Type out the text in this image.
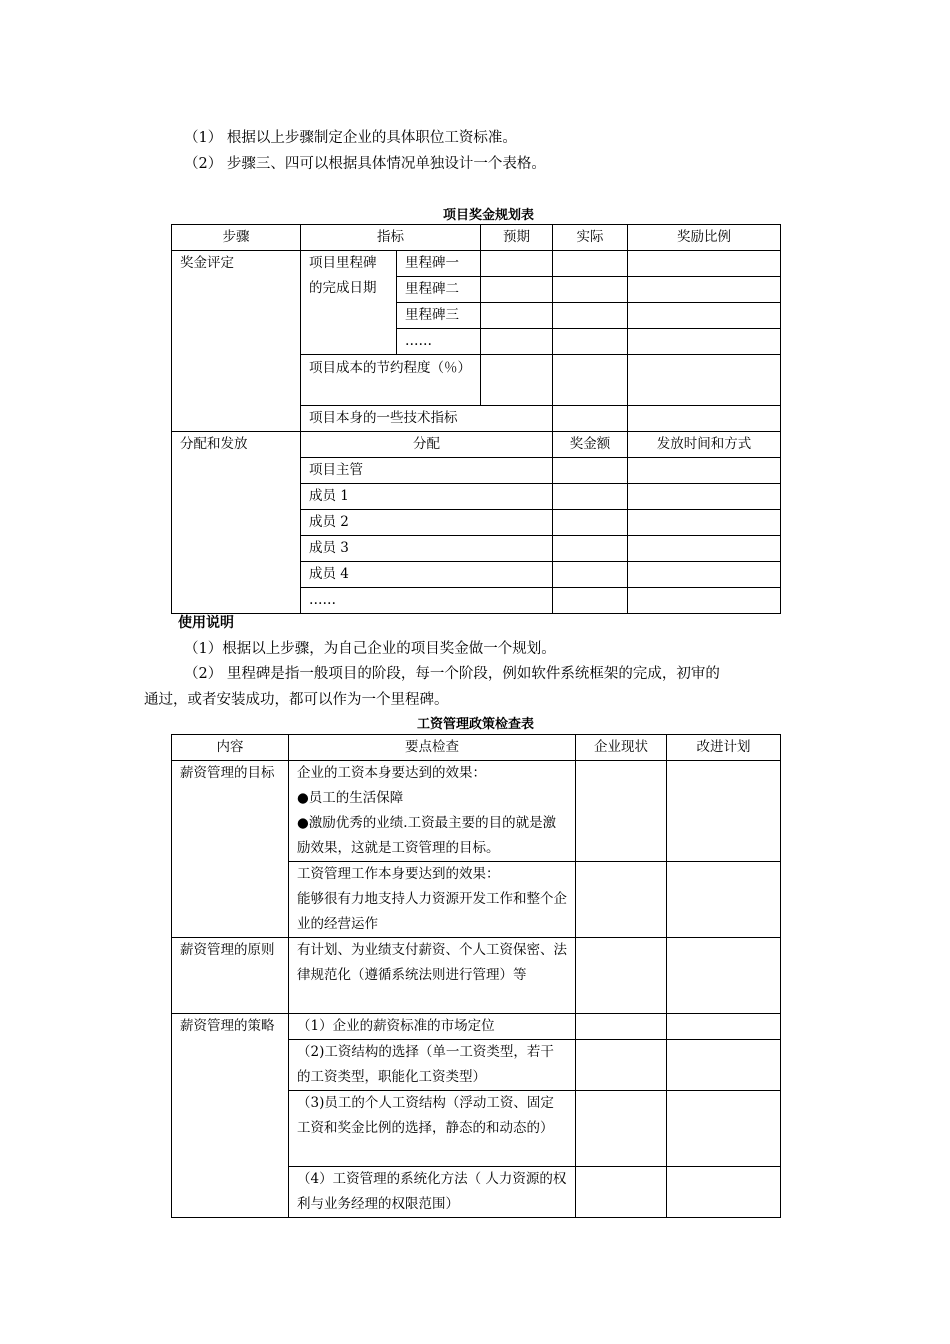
（1） 根据以上步骤制定企业的具体职位工资标准。
（2） 步骤三、四可以根据具体情况单独设计一个表格。
项目奖金规划表
步骤	指标		预期	实际	奖励比例
奖金评定	项目里程碑的完成日期	里程碑一			
		里程碑二			
		里程碑三			
		……			
	项目成本的节约程度（％）				
	项目本身的一些技术指标				

分配和发放	分配			奖金额	发放时间和方式
	项目主管				
	成员 1				
	成员 2				
	成员 3				
	成员 4				
	……				
使用说明
（1）根据以上步骤，为自己企业的项目奖金做一个规划。
（2） 里程碑是指一般项目的阶段，每一个阶段，例如软件系统框架的完成，初审的
通过，或者安装成功，都可以作为一个里程碑。
工资管理政策检查表
内容	要点检查	企业现状	改进计划
薪资管理的目标	企业的工资本身要达到的效果：
●员工的生活保障
●激励优秀的业绩.工资最主要的目的就是激励效果，这就是工资管理的目标。		

	工资管理工作本身要达到的效果：
能够很有力地支持人力资源开发工作和整个企业的经营运作		

薪资管理的原则	有计划、为业绩支付薪资、个人工资保密、法律规范化（遵循系统法则进行管理）等		
薪资管理的策略	（1）企业的薪资标准的市场定位		
	（2)工资结构的选择（单一工资类型，若干的工资类型，职能化工资类型）		
	（3)员工的个人工资结构（浮动工资、固定工资和奖金比例的选择，静态的和动态的）		
	（4）工资管理的系统化方法（ 人力资源的权利与业务经理的权限范围）		
